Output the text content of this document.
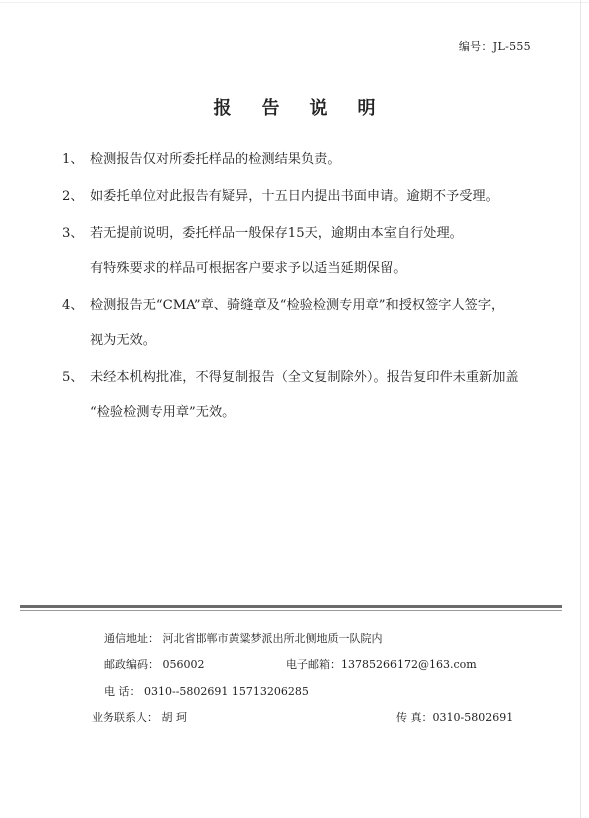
编号：JL-555
报告说明
1、 检测报告仅对所委托样品的检测结果负责。
2、 如委托单位对此报告有疑异，十五日内提出书面申请。逾期不予受理。
3、 若无提前说明，委托样品一般保存15天，逾期由本室自行处理。
有特殊要求的样品可根据客户要求予以适当延期保留。
4、 检测报告无“CMA”章、骑缝章及“检验检测专用章”和授权签字人签字，
视为无效。
5、 未经本机构批准，不得复制报告（全文复制除外）。报告复印件未重新加盖
“检验检测专用章”无效。
通信地址： 河北省邯郸市黄粱梦派出所北侧地质一队院内
邮政编码： 056002	电子邮箱：13785266172@163.com
电 话： 0310--5802691 15713206285
业务联系人： 胡 珂	传 真：0310-5802691
